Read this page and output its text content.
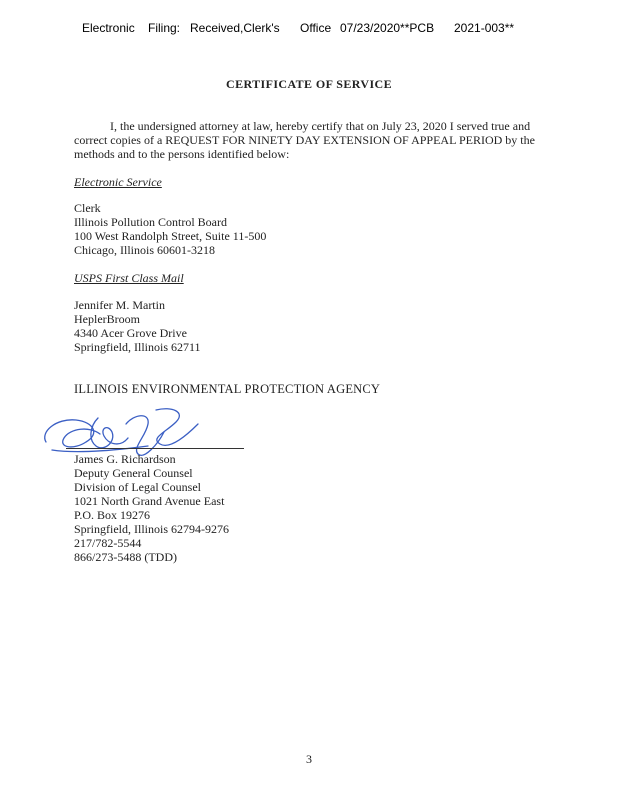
Electronic Filing: Received,Clerk's Office 07/23/2020**PCB 2021-003**
CERTIFICATE OF SERVICE
I, the undersigned attorney at law, hereby certify that on July 23, 2020 I served true and correct copies of a REQUEST FOR NINETY DAY EXTENSION OF APPEAL PERIOD by the methods and to the persons identified below:
Electronic Service
Clerk
Illinois Pollution Control Board
100 West Randolph Street, Suite 11-500
Chicago, Illinois 60601-3218
USPS First Class Mail
Jennifer M. Martin
HeplerBroom
4340 Acer Grove Drive
Springfield, Illinois 62711
ILLINOIS ENVIRONMENTAL PROTECTION AGENCY
James G. Richardson
Deputy General Counsel
Division of Legal Counsel
1021 North Grand Avenue East
P.O. Box 19276
Springfield, Illinois 62794-9276
217/782-5544
866/273-5488 (TDD)
3
